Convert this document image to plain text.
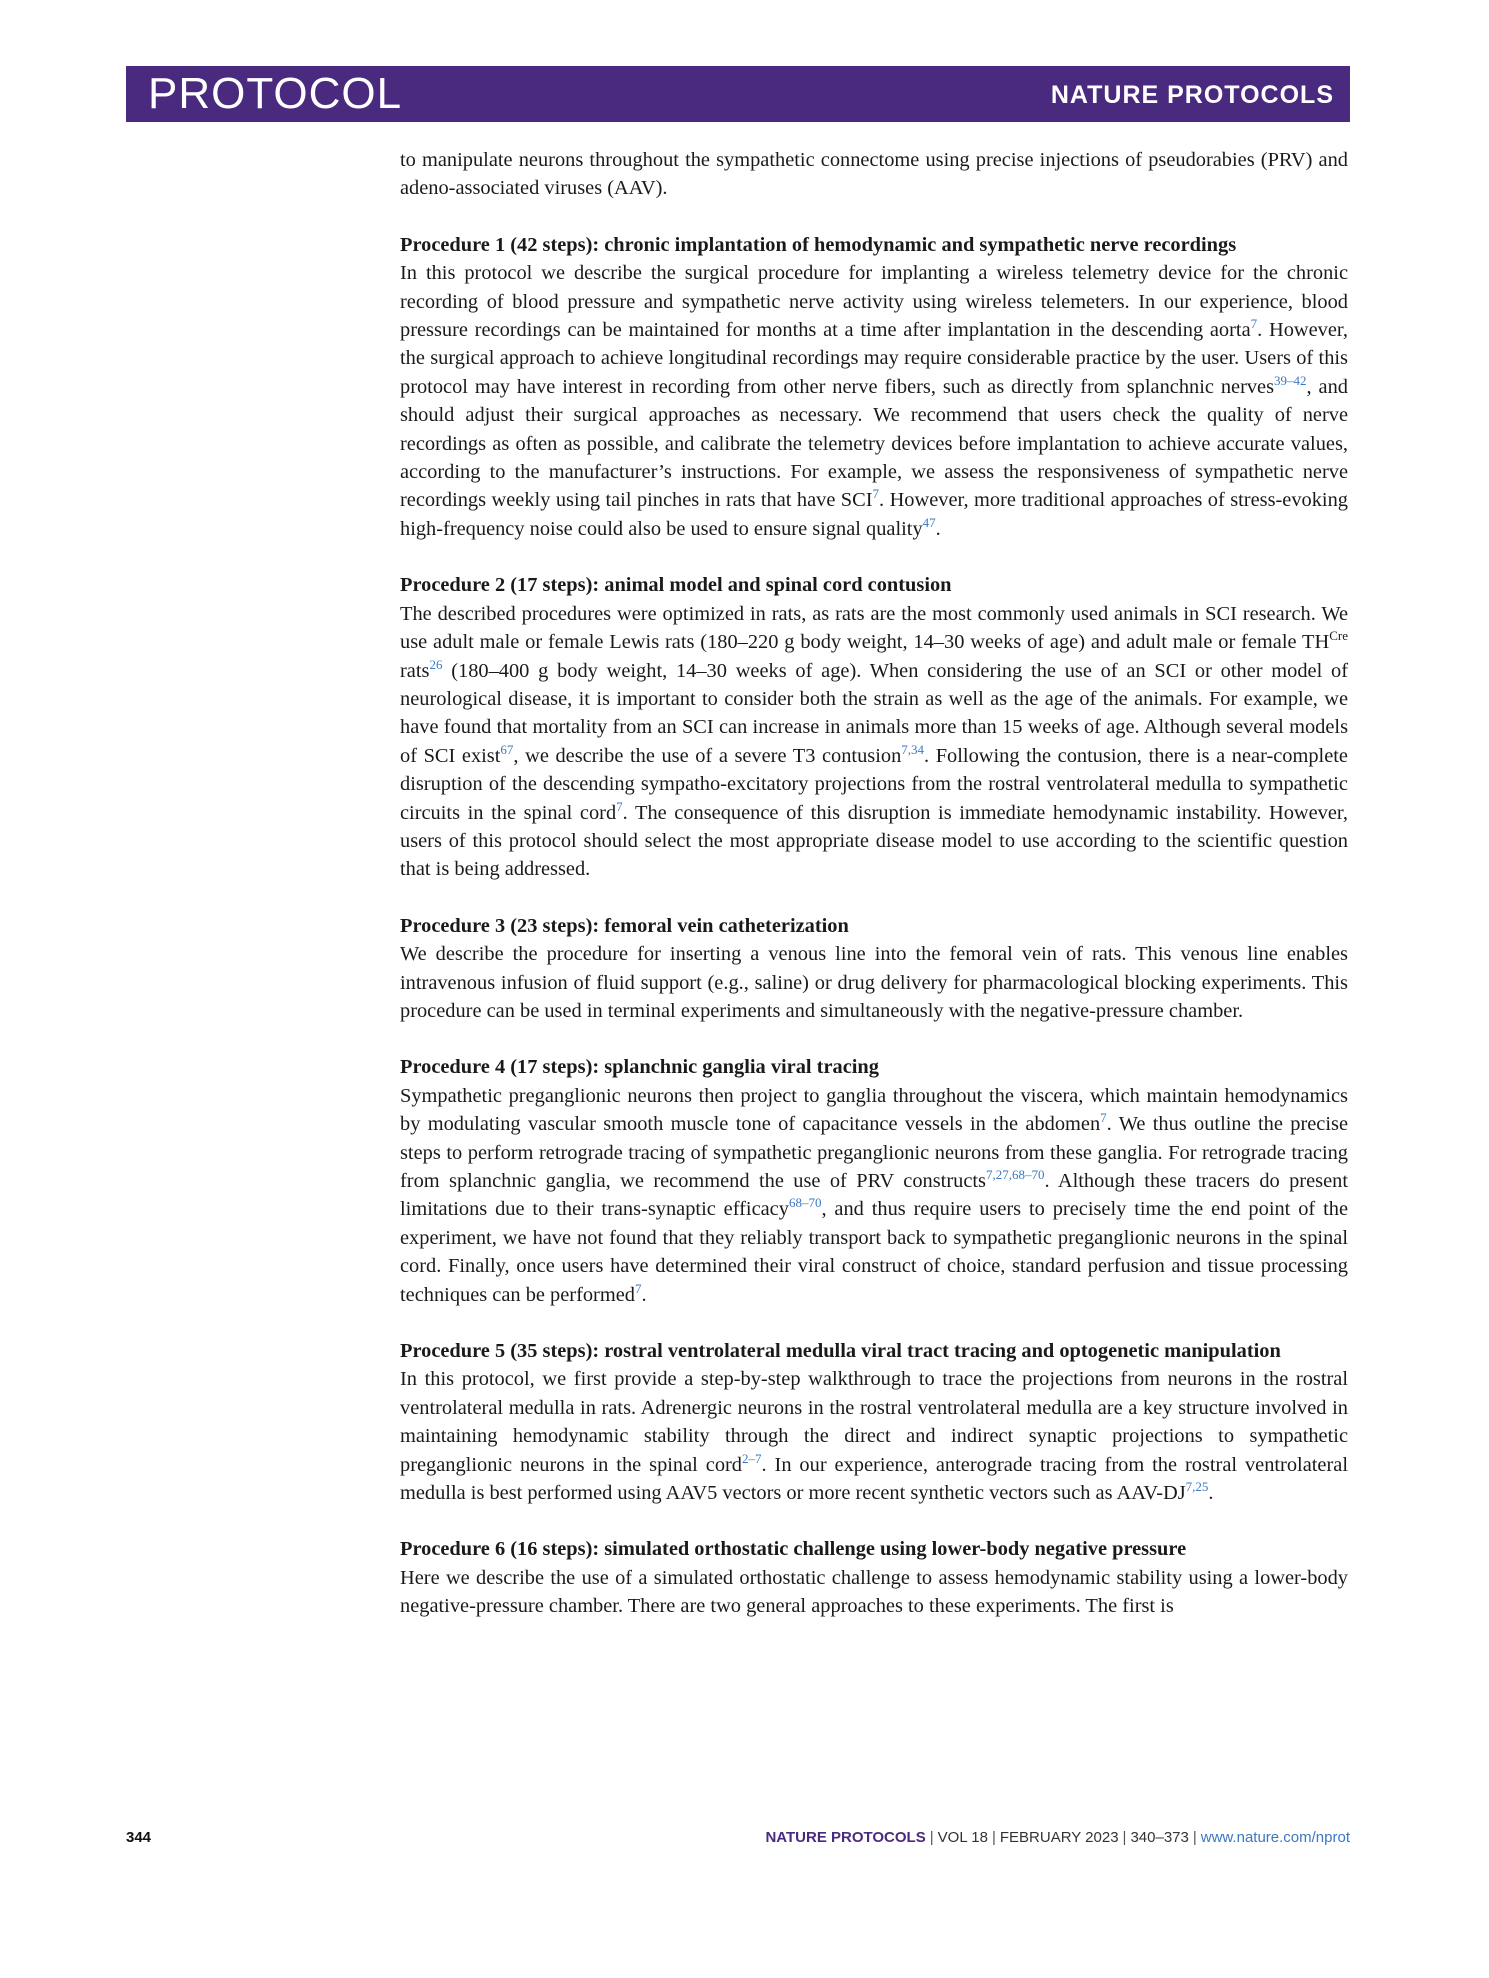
PROTOCOL	NATURE PROTOCOLS

to manipulate neurons throughout the sympathetic connectome using precise injections of pseudorabies (PRV) and adeno-associated viruses (AAV).

Procedure 1 (42 steps): chronic implantation of hemodynamic and sympathetic nerve recordings

In this protocol we describe the surgical procedure for implanting a wireless telemetry device for the chronic recording of blood pressure and sympathetic nerve activity using wireless telemeters. In our experience, blood pressure recordings can be maintained for months at a time after implantation in the descending aorta$^7$. However, the surgical approach to achieve longitudinal recordings may require considerable practice by the user. Users of this protocol may have interest in recording from other nerve fibers, such as directly from splanchnic nerves$^{39-42}$, and should adjust their surgical approaches as necessary. We recommend that users check the quality of nerve recordings as often as possible, and calibrate the telemetry devices before implantation to achieve accurate values, according to the manufacturer’s instructions. For example, we assess the responsiveness of sympathetic nerve recordings weekly using tail pinches in rats that have SCI$^7$. However, more traditional approaches of stress-evoking high-frequency noise could also be used to ensure signal quality$^{47}$.

Procedure 2 (17 steps): animal model and spinal cord contusion

The described procedures were optimized in rats, as rats are the most commonly used animals in SCI research. We use adult male or female Lewis rats (180–220 g body weight, 14–30 weeks of age) and adult male or female $TH^{Cre}$ rats$^{26}$ (180–400 g body weight, 14–30 weeks of age). When considering the use of an SCI or other model of neurological disease, it is important to consider both the strain as well as the age of the animals. For example, we have found that mortality from an SCI can increase in animals more than 15 weeks of age. Although several models of SCI exist$^{67}$, we describe the use of a severe T3 contusion$^{7,34}$. Following the contusion, there is a near-complete disruption of the descending sympatho-excitatory projections from the rostral ventrolateral medulla to sympathetic circuits in the spinal cord$^7$. The consequence of this disruption is immediate hemodynamic instability. However, users of this protocol should select the most appropriate disease model to use according to the scientific question that is being addressed.

Procedure 3 (23 steps): femoral vein catheterization

We describe the procedure for inserting a venous line into the femoral vein of rats. This venous line enables intravenous infusion of fluid support (e.g., saline) or drug delivery for pharmacological blocking experiments. This procedure can be used in terminal experiments and simultaneously with the negative-pressure chamber.

Procedure 4 (17 steps): splanchnic ganglia viral tracing

Sympathetic preganglionic neurons then project to ganglia throughout the viscera, which maintain hemodynamics by modulating vascular smooth muscle tone of capacitance vessels in the abdomen$^7$. We thus outline the precise steps to perform retrograde tracing of sympathetic preganglionic neurons from these ganglia. For retrograde tracing from splanchnic ganglia, we recommend the use of PRV constructs$^{7,27,68-70}$. Although these tracers do present limitations due to their trans-synaptic efficacy$^{68-70}$, and thus require users to precisely time the end point of the experiment, we have not found that they reliably transport back to sympathetic preganglionic neurons in the spinal cord. Finally, once users have determined their viral construct of choice, standard perfusion and tissue processing techniques can be performed$^7$.

Procedure 5 (35 steps): rostral ventrolateral medulla viral tract tracing and optogenetic manipulation

In this protocol, we first provide a step-by-step walkthrough to trace the projections from neurons in the rostral ventrolateral medulla in rats. Adrenergic neurons in the rostral ventrolateral medulla are a key structure involved in maintaining hemodynamic stability through the direct and indirect synaptic projections to sympathetic preganglionic neurons in the spinal cord$^{2-7}$. In our experience, anterograde tracing from the rostral ventrolateral medulla is best performed using AAV5 vectors or more recent synthetic vectors such as AAV-DJ$^{7,25}$.

Procedure 6 (16 steps): simulated orthostatic challenge using lower-body negative pressure

Here we describe the use of a simulated orthostatic challenge to assess hemodynamic stability using a lower-body negative-pressure chamber. There are two general approaches to these experiments. The first is

344	NATURE PROTOCOLS | VOL 18 | FEBRUARY 2023 | 340–373 | www.nature.com/nprot
